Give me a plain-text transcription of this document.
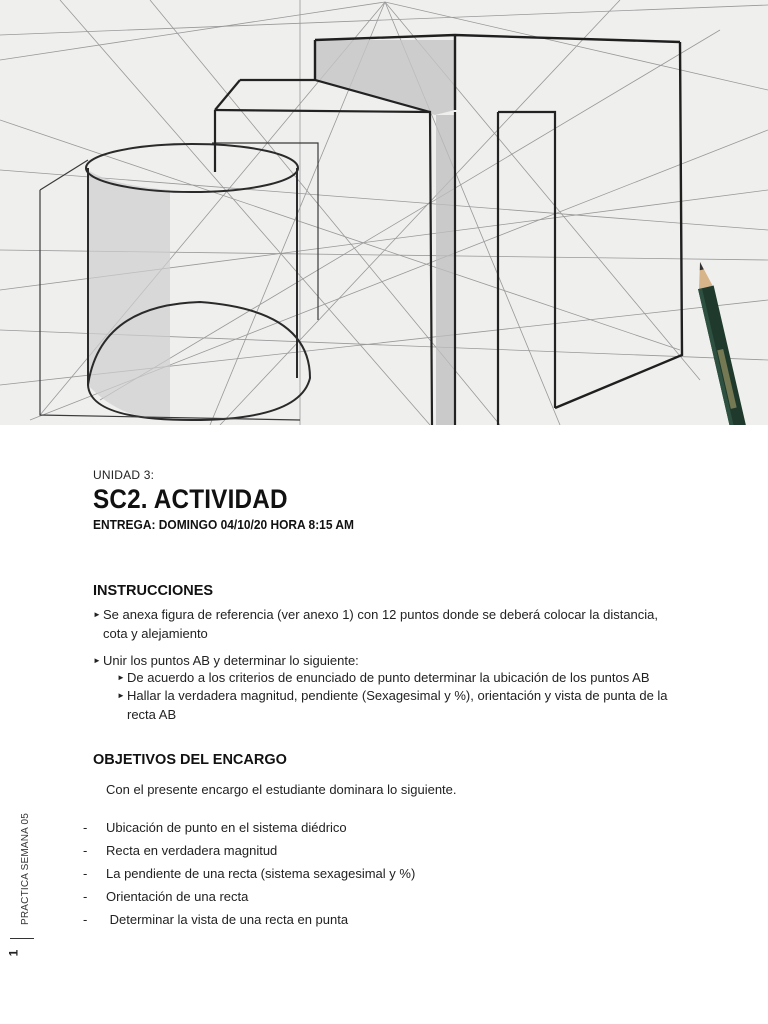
UNIDAD 3:

SC2. ACTIVIDAD

ENTREGA: DOMINGO 04/10/20 HORA 8:15 AM

INSTRUCCIONES
► Se anexa figura de referencia (ver anexo 1) con 12 puntos donde se deberá colocar la distancia,
cota y alejamiento
► Unir los puntos AB y determinar lo siguiente:
► De acuerdo a los criterios de enunciado de punto determinar la ubicación de los puntos AB
► Hallar la verdadera magnitud, pendiente (Sexagesimal y %), orientación y vista de punta de la
recta AB
OBJETIVOS DEL ENCARGO
Con el presente encargo el estudiante dominara lo siguiente.
- Ubicación de punto en el sistema diédrico
- Recta en verdadera magnitud
- La pendiente de una recta (sistema sexagesimal y %)
- Orientación de una recta
- Determinar la vista de una recta en punta
PRACTICA SEMANA 05
1
